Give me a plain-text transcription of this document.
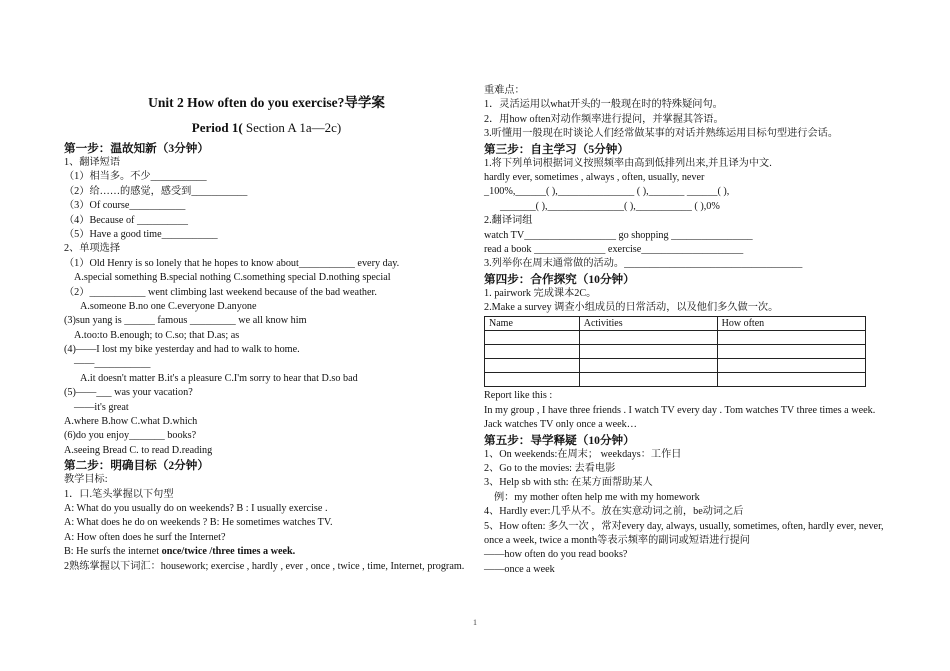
Unit 2 How often do you exercise?导学案
Period 1( Section A 1a—2c)
第一步：温故知新（3分钟）
1、翻译短语
（1）相当多。不少___________
（2）给……的感觉，感受到___________
（3）Of course___________
（4）Because of __________
（5）Have a good time___________
2、单项选择
（1）Old Henry is so lonely that he hopes to know about___________ every day.
A.special something B.special nothing C.something special D.nothing special
（2）___________ went climbing last weekend because of the bad weather.
A.someone B.no one C.everyone D.anyone
(3)sun yang is ______ famous _________ we all know him
A.too:to B.enough; to C.so; that D.as; as
(4)——I lost my bike yesterday and had to walk to home.
——___________
A.it doesn't matter B.it's a pleasure C.I'm sorry to hear that D.so bad
(5)——___ was your vacation?
——it's great
A.where B.how C.what D.which
(6)do you enjoy_______ books?
A.seeing Bread C. to read D.reading
第二步：明确目标（2分钟）
教学目标:
1．口.笔头掌握以下句型
A: What do you usually do on weekends? B : I usually exercise .
A: What does he do on weekends ? B: He sometimes watches TV.
A: How often does he surf the Internet?
B: He surfs the internet once/twice /three times a week.
2熟练掌握以下词汇：housework; exercise , hardly , ever , once , twice , time, Internet, program.
重难点：
1．灵活运用以what开头的一般现在时的特殊疑问句。
2．用how often对动作频率进行提问，并掌握其答语。
3.听懂用一般现在时谈论人们经常做某事的对话并熟练运用目标句型进行会话。
第三步：自主学习（5分钟）
1.将下列单词根据词义按照频率由高到低排列出来,并且译为中文.
hardly ever, sometimes , always , often, usually, never
_100%,______( ),_______________ ( ),_______ ______( ),
_______( ),_______________( ),___________ ( ),0%
2.翻译词组
watch TV__________________ go shopping ________________
read a book ______________ exercise____________________
3.列举你在周末通常做的活动。___________________________________
第四步：合作探究（10分钟）
1. pairwork 完成课本2C。
2.Make a survey 调查小组成员的日常活动，以及他们多久做一次。
Name	Activities	How often

Report like this :
In my group , I have three friends . I watch TV every day . Tom watches TV three times a week. Jack watches TV only once a week…
第五步：导学释疑（10分钟）
1、On weekends:在周末； weekdays：工作日
2、Go to the movies: 去看电影
3、Help sb with sth: 在某方面帮助某人
例：my mother often help me with my homework
4、Hardly ever:几乎从不。放在实意动词之前，be动词之后
5、How often: 多久一次 ，常对every day, always, usually, sometimes, often, hardly ever, never, once a week, twice a month等表示频率的副词或短语进行提问
——how often do you read books?
——once a week
1
